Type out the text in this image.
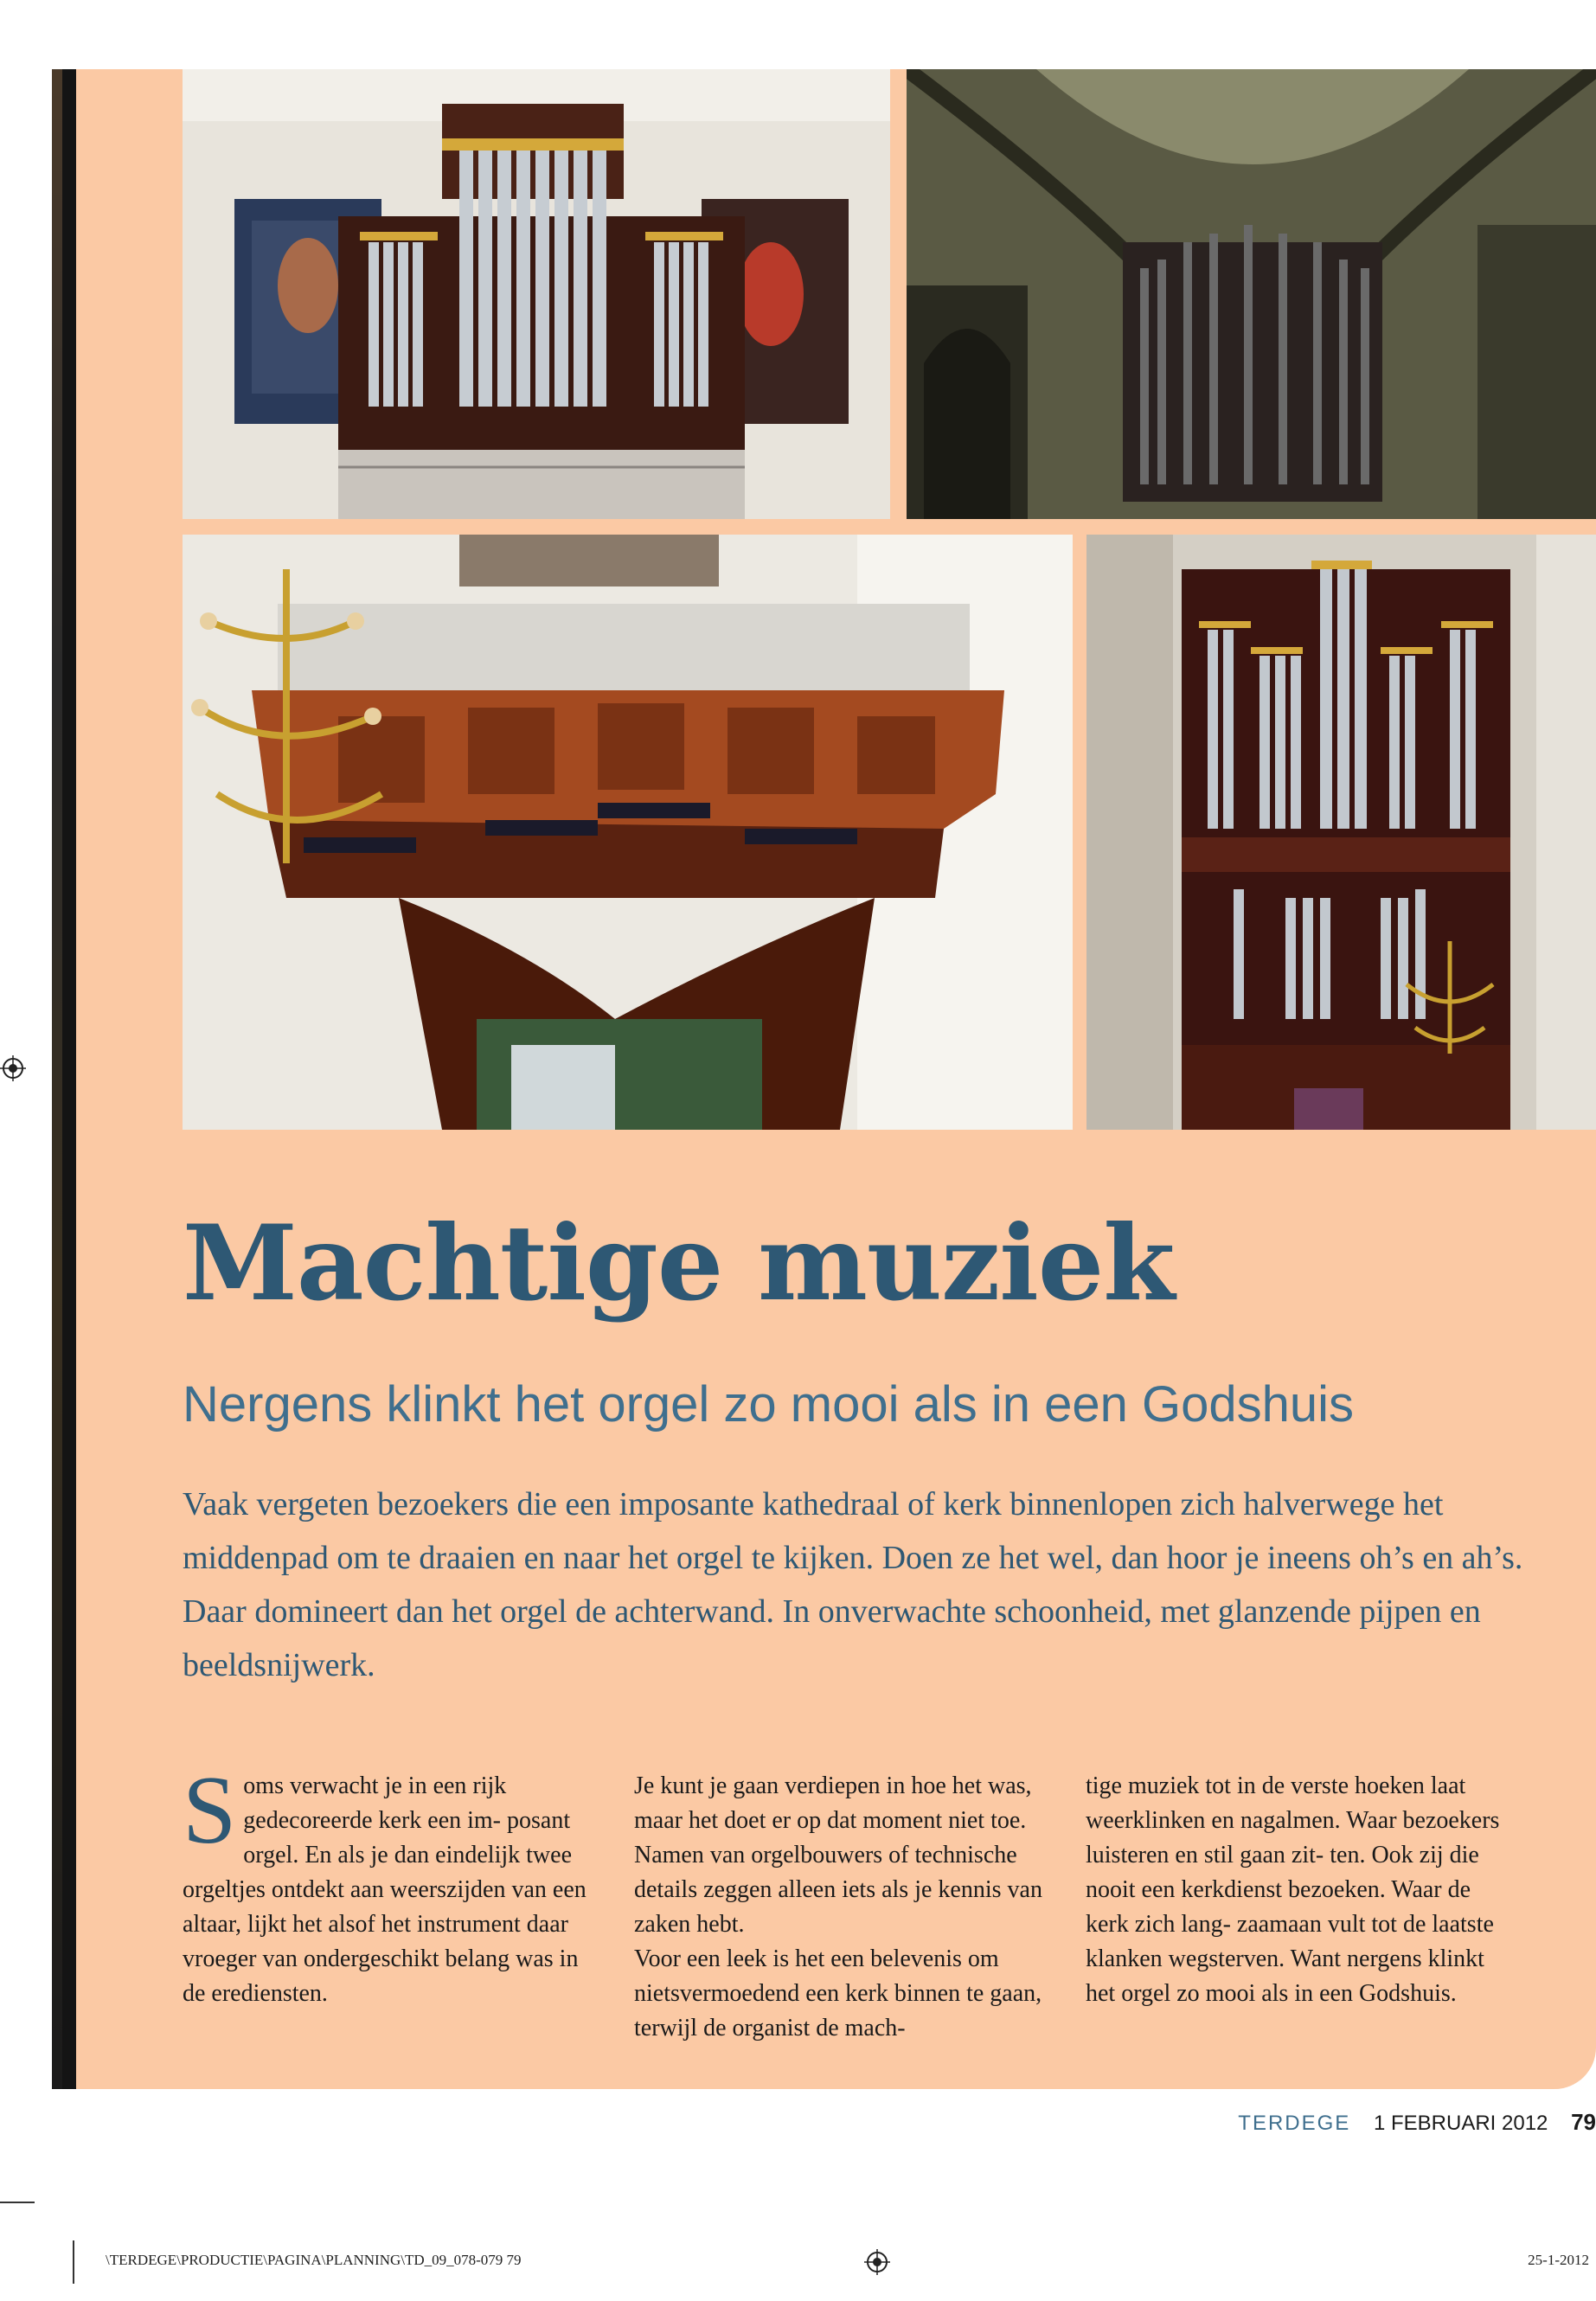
Machtige muziek
Nergens klinkt het orgel zo mooi als in een Godshuis

Vaak vergeten bezoekers die een imposante kathedraal of kerk binnenlopen zich halverwege het middenpad om te draaien en naar het orgel te kijken. Doen ze het wel, dan hoor je ineens oh’s en ah’s. Daar domineert dan het orgel de achterwand. In onverwachte schoonheid, met glanzende pijpen en beeldsnijwerk.

Soms verwacht je in een rijk gedecoreerde kerk een im- posant orgel. En als je dan eindelijk twee orgeltjes ontdekt aan weerszijden van een altaar, lijkt het alsof het instrument daar vroeger van ondergeschikt belang was in de erediensten.
Je kunt je gaan verdiepen in hoe het was, maar het doet er op dat moment niet toe. Namen van orgelbouwers of technische details zeggen alleen iets als je kennis van zaken hebt.
Voor een leek is het een belevenis om nietsvermoedend een kerk binnen te gaan, terwijl de organist de mach-
tige muziek tot in de verste hoeken laat weerklinken en nagalmen. Waar bezoekers luisteren en stil gaan zit- ten. Ook zij die nooit een kerkdienst bezoeken. Waar de kerk zich lang- zaamaan vult tot de laatste klanken wegsterven. Want nergens klinkt het orgel zo mooi als in een Godshuis.
TERDEGE 1 FEBRUARI 2012 79
\TERDEGE\PRODUCTIE\PAGINA\PLANNING\TD_09_078-079 79	25-1-2012
